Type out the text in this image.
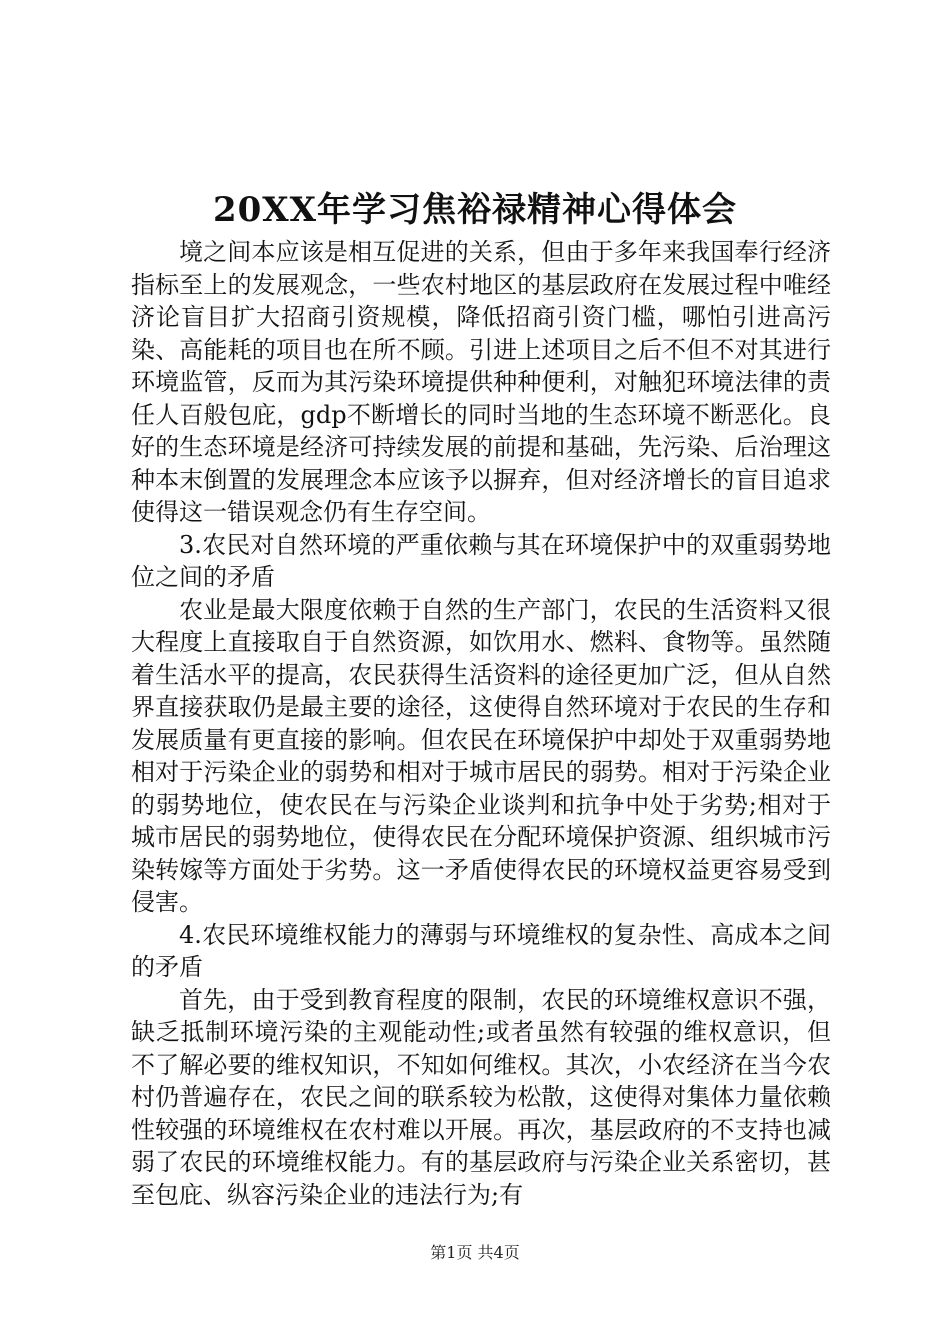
20XX年学习焦裕禄精神心得体会

境之间本应该是相互促进的关系，但由于多年来我国奉行经济指标至上的发展观念，一些农村地区的基层政府在发展过程中唯经济论盲目扩大招商引资规模，降低招商引资门槛，哪怕引进高污染、高能耗的项目也在所不顾。引进上述项目之后不但不对其进行环境监管，反而为其污染环境提供种种便利，对触犯环境法律的责任人百般包庇，gdp不断增长的同时当地的生态环境不断恶化。良好的生态环境是经济可持续发展的前提和基础，先污染、后治理这种本末倒置的发展理念本应该予以摒弃，但对经济增长的盲目追求使得这一错误观念仍有生存空间。

3.农民对自然环境的严重依赖与其在环境保护中的双重弱势地位之间的矛盾

农业是最大限度依赖于自然的生产部门，农民的生活资料又很大程度上直接取自于自然资源，如饮用水、燃料、食物等。虽然随着生活水平的提高，农民获得生活资料的途径更加广泛，但从自然界直接获取仍是最主要的途径，这使得自然环境对于农民的生存和发展质量有更直接的影响。但农民在环境保护中却处于双重弱势地相对于污染企业的弱势和相对于城市居民的弱势。相对于污染企业的弱势地位，使农民在与污染企业谈判和抗争中处于劣势;相对于城市居民的弱势地位，使得农民在分配环境保护资源、组织城市污染转嫁等方面处于劣势。这一矛盾使得农民的环境权益更容易受到侵害。

4.农民环境维权能力的薄弱与环境维权的复杂性、高成本之间的矛盾

首先，由于受到教育程度的限制，农民的环境维权意识不强，缺乏抵制环境污染的主观能动性;或者虽然有较强的维权意识，但不了解必要的维权知识，不知如何维权。其次，小农经济在当今农村仍普遍存在，农民之间的联系较为松散，这使得对集体力量依赖性较强的环境维权在农村难以开展。再次，基层政府的不支持也减弱了农民的环境维权能力。有的基层政府与污染企业关系密切，甚至包庇、纵容污染企业的违法行为;有

第1页 共4页
